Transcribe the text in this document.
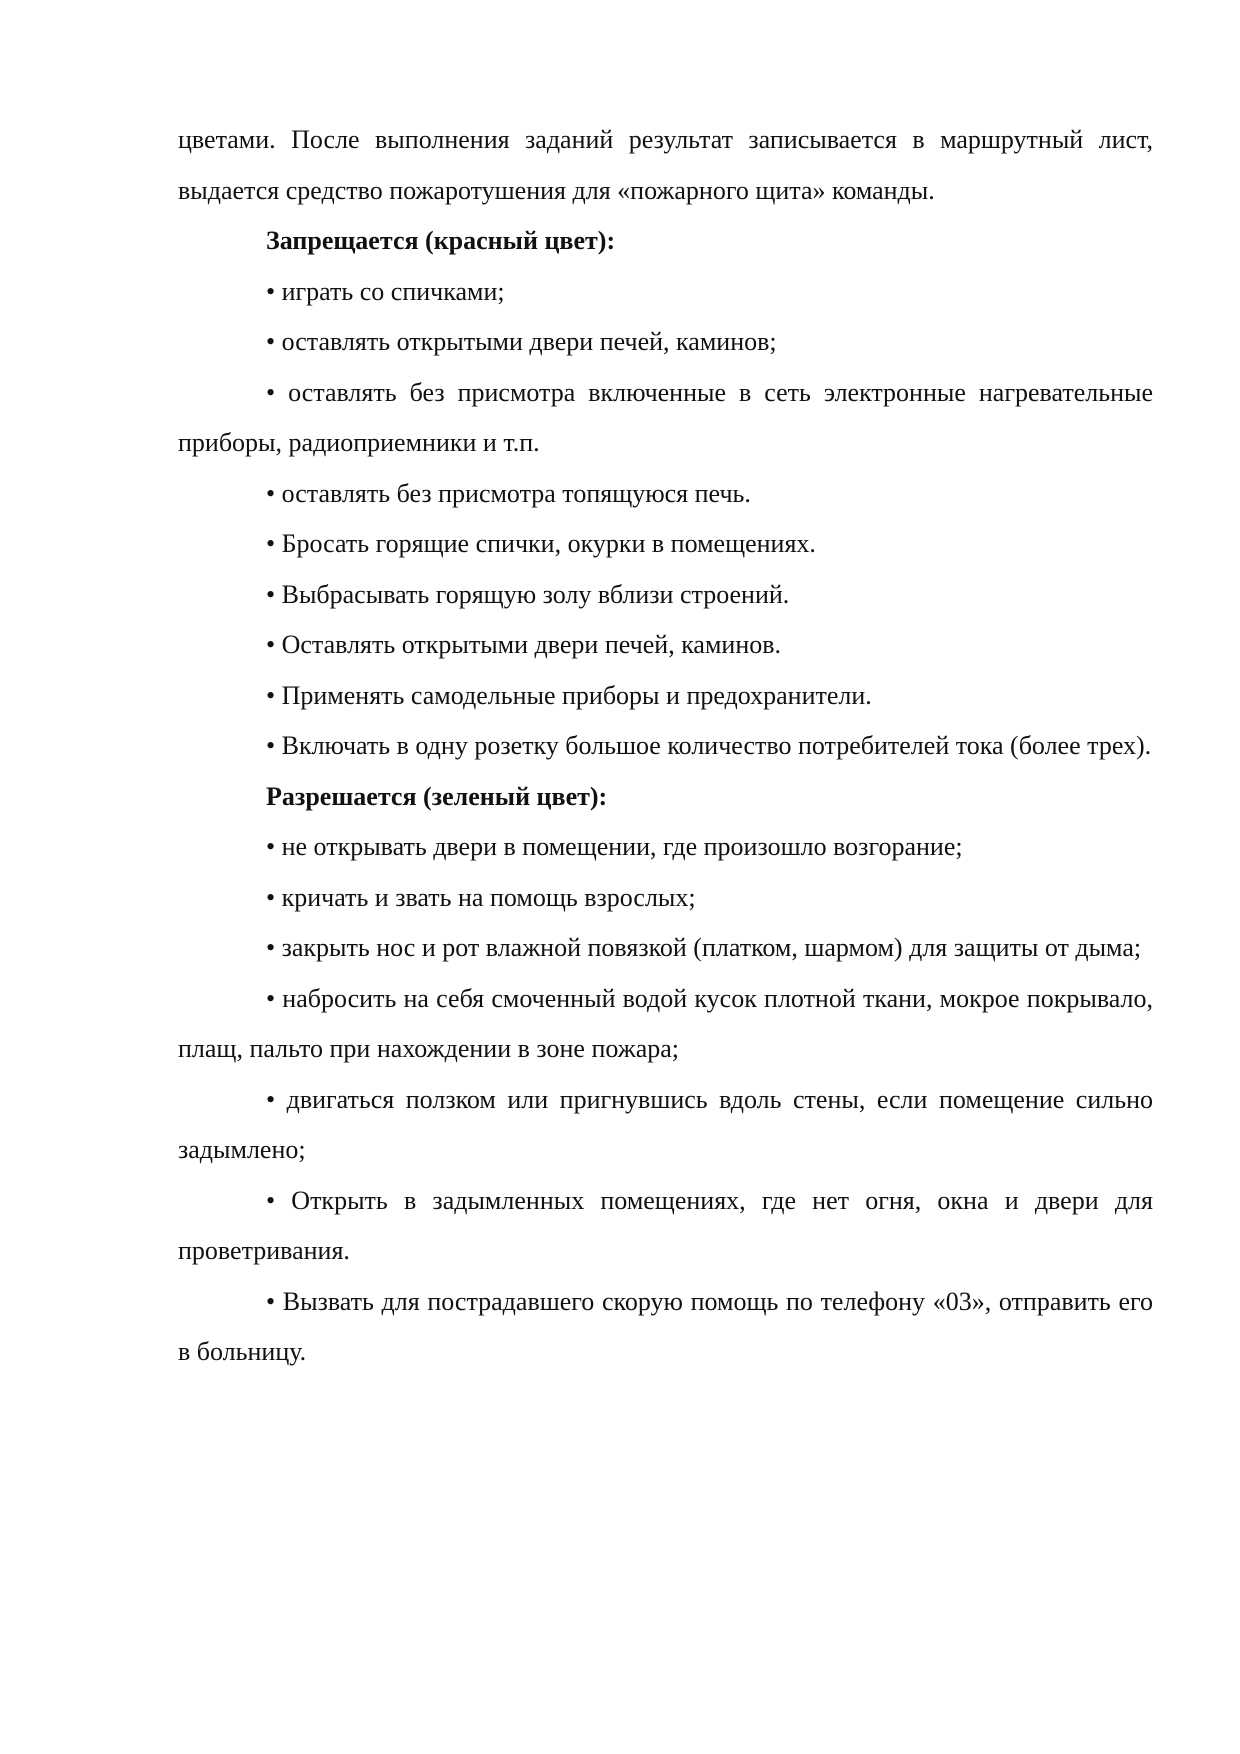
цветами. После выполнения заданий результат записывается в маршрутный лист, выдается средство пожаротушения для «пожарного щита» команды.

Запрещается (красный цвет):

• играть со спичками;

• оставлять открытыми двери печей, каминов;

• оставлять без присмотра включенные в сеть электронные нагревательные приборы, радиоприемники и т.п.

• оставлять без присмотра топящуюся печь.

• Бросать горящие спички, окурки в помещениях.

• Выбрасывать горящую золу вблизи строений.

• Оставлять открытыми двери печей, каминов.

• Применять самодельные приборы и предохранители.

• Включать в одну розетку большое количество потребителей тока (более трех).

Разрешается (зеленый цвет):

• не открывать двери в помещении, где произошло возгорание;

• кричать и звать на помощь взрослых;

• закрыть нос и рот влажной повязкой (платком, шармом) для защиты от дыма;

• набросить на себя смоченный водой кусок плотной ткани, мокрое покрывало, плащ, пальто при нахождении в зоне пожара;

• двигаться ползком или пригнувшись вдоль стены, если помещение сильно задымлено;

• Открыть в задымленных помещениях, где нет огня, окна и двери для проветривания.

• Вызвать для пострадавшего скорую помощь по телефону «03», отправить его в больницу.
